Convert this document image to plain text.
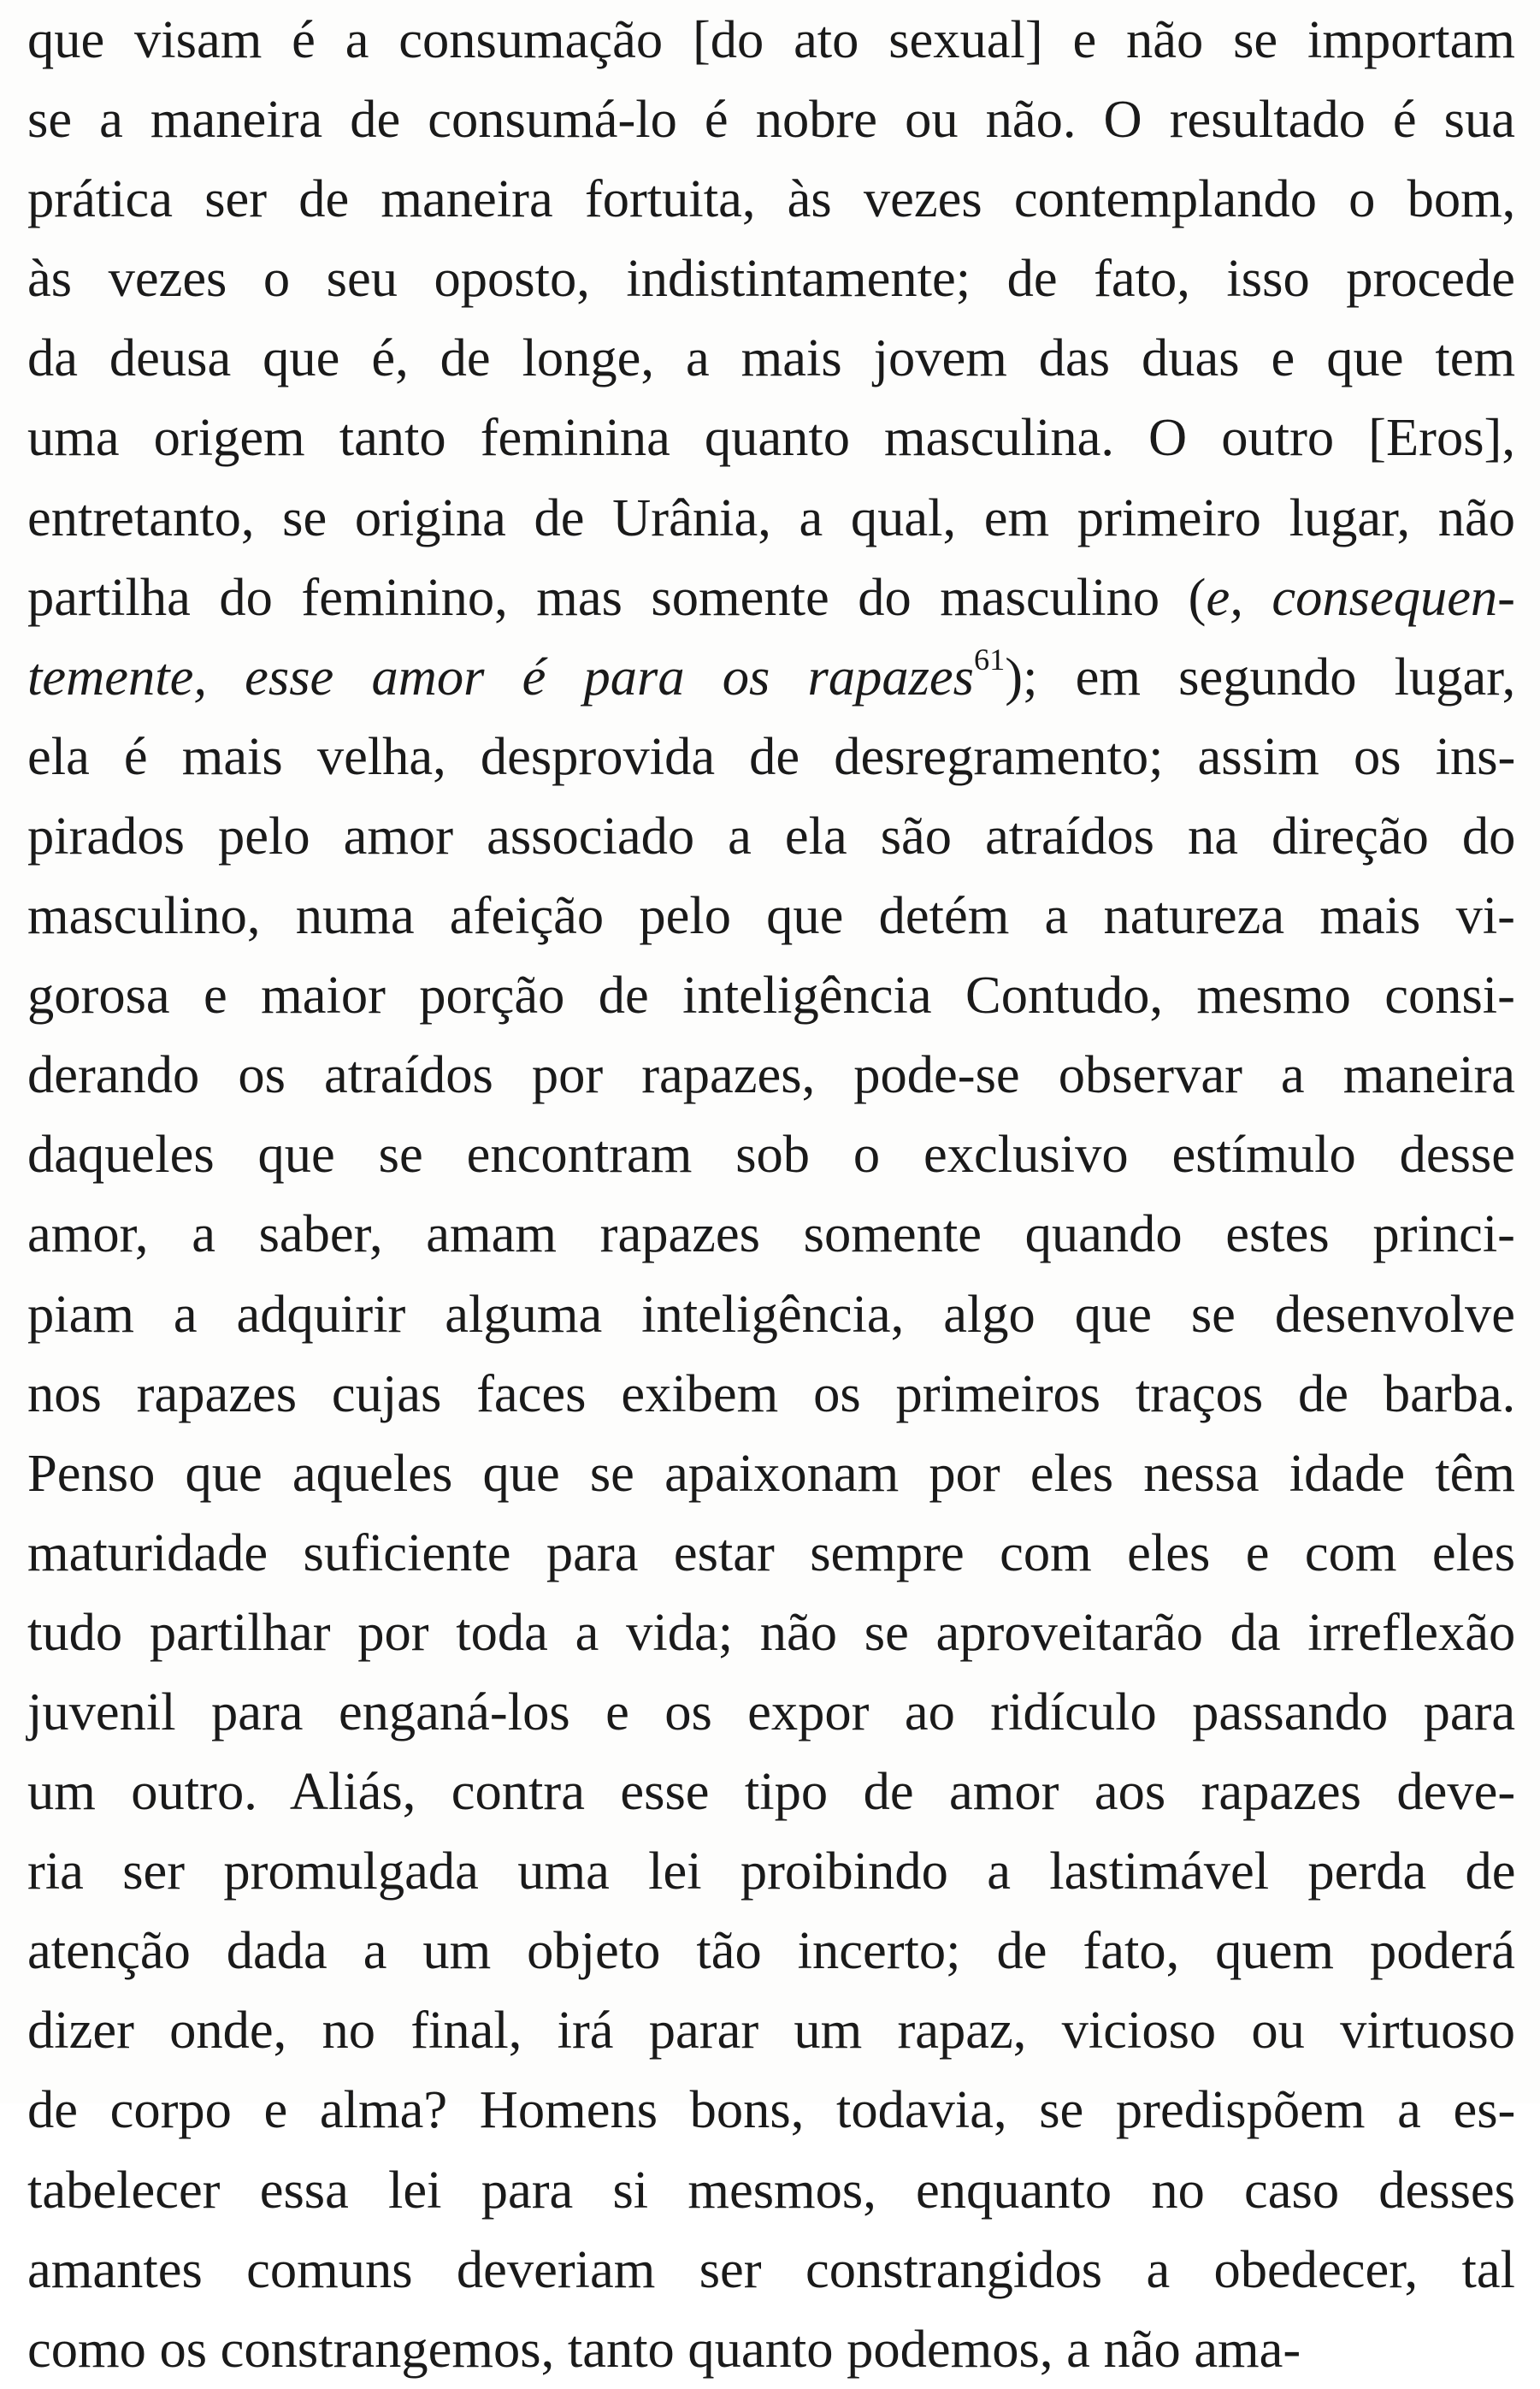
que visam é a consumação [do ato sexual] e não se importam
se a maneira de consumá-lo é nobre ou não. O resultado é sua
prática ser de maneira fortuita, às vezes contemplando o bom,
às vezes o seu oposto, indistintamente; de fato, isso procede
da deusa que é, de longe, a mais jovem das duas e que tem
uma origem tanto feminina quanto masculina. O outro [Eros],
entretanto, se origina de Urânia, a qual, em primeiro lugar, não
partilha do feminino, mas somente do masculino (e, consequen-
temente, esse amor é para os rapazes$^{61}$); em segundo lugar,
ela é mais velha, desprovida de desregramento; assim os ins-
pirados pelo amor associado a ela são atraídos na direção do
masculino, numa afeição pelo que detém a natureza mais vi-
gorosa e maior porção de inteligência Contudo, mesmo consi-
derando os atraídos por rapazes, pode-se observar a maneira
daqueles que se encontram sob o exclusivo estímulo desse
amor, a saber, amam rapazes somente quando estes princi-
piam a adquirir alguma inteligência, algo que se desenvolve
nos rapazes cujas faces exibem os primeiros traços de barba.
Penso que aqueles que se apaixonam por eles nessa idade têm
maturidade suficiente para estar sempre com eles e com eles
tudo partilhar por toda a vida; não se aproveitarão da irreflexão
juvenil para enganá-los e os expor ao ridículo passando para
um outro. Aliás, contra esse tipo de amor aos rapazes deve-
ria ser promulgada uma lei proibindo a lastimável perda de
atenção dada a um objeto tão incerto; de fato, quem poderá
dizer onde, no final, irá parar um rapaz, vicioso ou virtuoso
de corpo e alma? Homens bons, todavia, se predispõem a es-
tabelecer essa lei para si mesmos, enquanto no caso desses
amantes comuns deveriam ser constrangidos a obedecer, tal
como os constrangemos, tanto quanto podemos, a não ama-
